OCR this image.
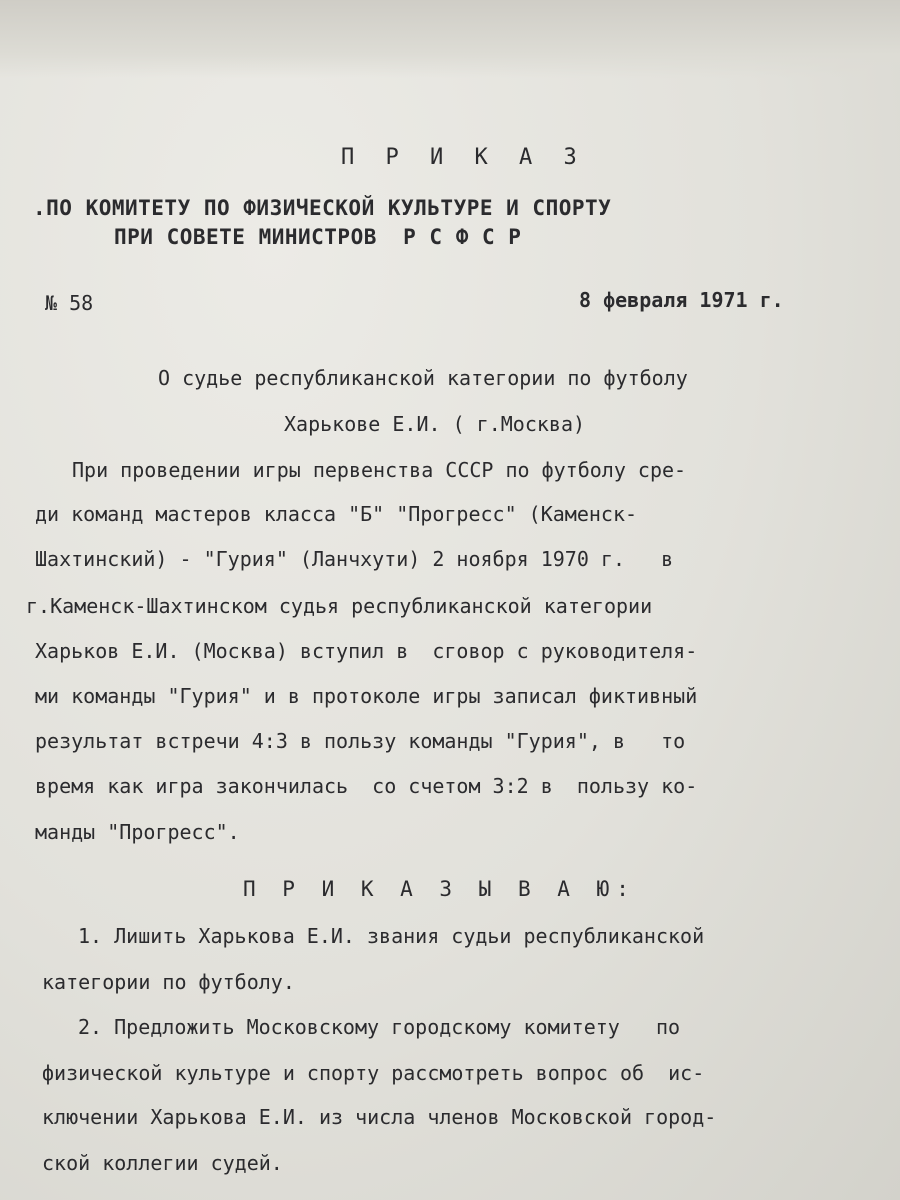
П Р И К А З
.ПО КОМИТЕТУ ПО ФИЗИЧЕСКОЙ КУЛЬТУРЕ И СПОРТУ
ПРИ СОВЕТЕ МИНИСТРОВ  Р С Ф С Р
№ 58	8 февраля 1971 г.
О судье республиканской категории по футболу
Харькове Е.И. ( г.Москва)
При проведении игры первенства СССР по футболу сре-
ди команд мастеров класса "Б" "Прогресс" (Каменск-
Шахтинский) - "Гурия" (Ланчхути) 2 ноября 1970 г.   в
г.Каменск-Шахтинском судья республиканской категории
Харьков Е.И. (Москва) вступил в  сговор с руководителя-
ми команды "Гурия" и в протоколе игры записал фиктивный
результат встречи 4:3 в пользу команды "Гурия", в   то
время как игра закончилась  со счетом 3:2 в  пользу ко-
манды "Прогресс".
П Р И К А З Ы В А Ю:
1. Лишить Харькова Е.И. звания судьи республиканской
категории по футболу.
2. Предложить Московскому городскому комитету   по
физической культуре и спорту рассмотреть вопрос об  ис-
ключении Харькова Е.И. из числа членов Московской город-
ской коллегии судей.
